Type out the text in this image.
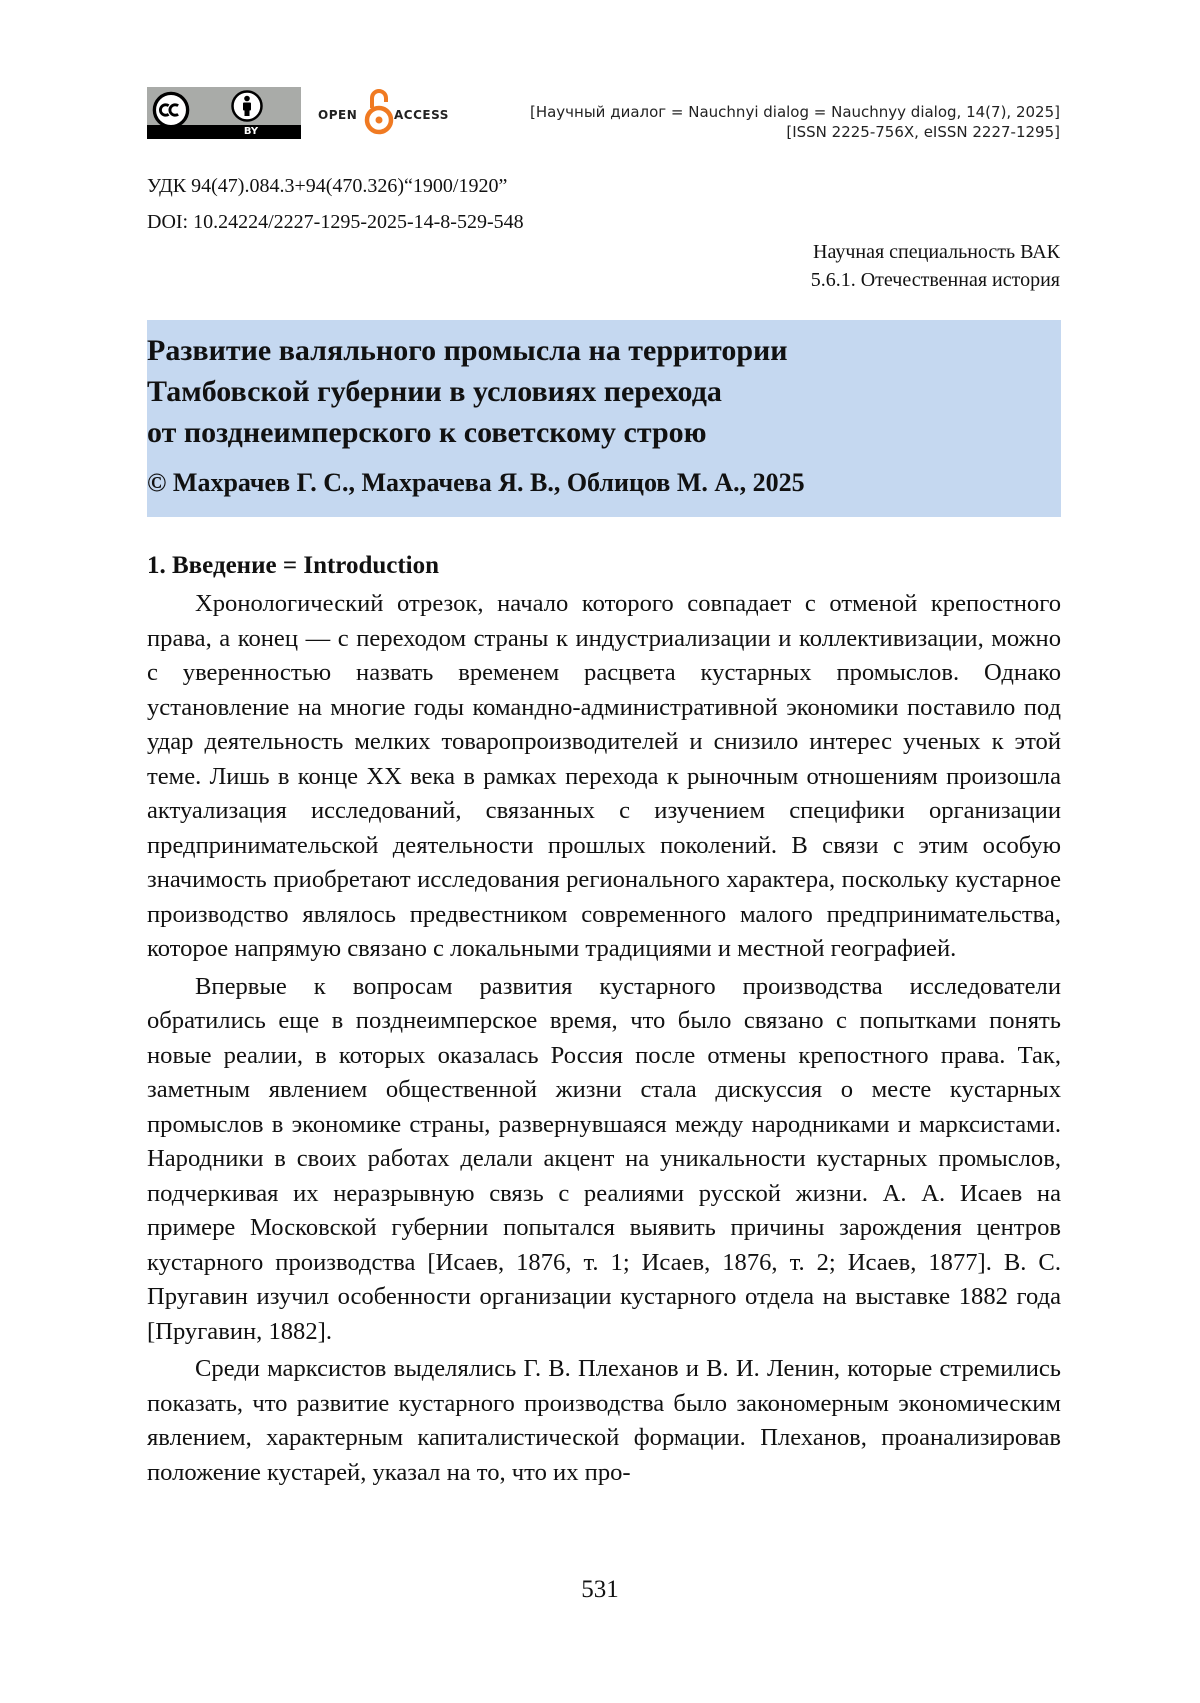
BY
OPEN	ACCESS	[Научный диалог = Nauchnyi dialog = Nauchnyy dialog, 14(7), 2025]
[ISSN 2225-756X, eISSN 2227-1295]
УДК 94(47).084.3+94(470.326)“1900/1920”
DOI: 10.24224/2227-1295-2025-14-8-529-548
Научная специальность ВАК
5.6.1. Отечественная история
Развитие валяльного промысла на территории
Тамбовской губернии в условиях перехода
от позднеимперского к советскому строю

© Махрачев Г. С., Махрачева Я. В., Облицов М. А., 2025

1. Введение = Introduction

Хронологический отрезок, начало которого совпадает с отменой крепостного права, а конец — с переходом страны к индустриализации и коллективизации, можно с уверенностью назвать временем расцвета кустарных промыслов. Однако установление на многие годы командно-административной экономики поставило под удар деятельность мелких товаропроизводителей и снизило интерес ученых к этой теме. Лишь в конце XX века в рамках перехода к рыночным отношениям произошла актуализация исследований, связанных с изучением специфики организации предпринимательской деятельности прошлых поколений. В связи с этим особую значимость приобретают исследования регионального характера, поскольку кустарное производство являлось предвестником современного малого предпринимательства, которое напрямую связано с локальными традициями и местной географией.

Впервые к вопросам развития кустарного производства исследователи обратились еще в позднеимперское время, что было связано с попытками понять новые реалии, в которых оказалась Россия после отмены крепостного права. Так, заметным явлением общественной жизни стала дискуссия о месте кустарных промыслов в экономике страны, развернувшаяся между народниками и марксистами. Народники в своих работах делали акцент на уникальности кустарных промыслов, подчеркивая их неразрывную связь с реалиями русской жизни. А. А. Исаев на примере Московской губернии попытался выявить причины зарождения центров кустарного производства [Исаев, 1876, т. 1; Исаев, 1876, т. 2; Исаев, 1877]. В. С. Пругавин изучил особенности организации кустарного отдела на выставке 1882 года [Пругавин, 1882].

Среди марксистов выделялись Г. В. Плеханов и В. И. Ленин, которые стремились показать, что развитие кустарного производства было закономерным экономическим явлением, характерным капиталистической формации. Плеханов, проанализировав положение кустарей, указал на то, что их про-

531
